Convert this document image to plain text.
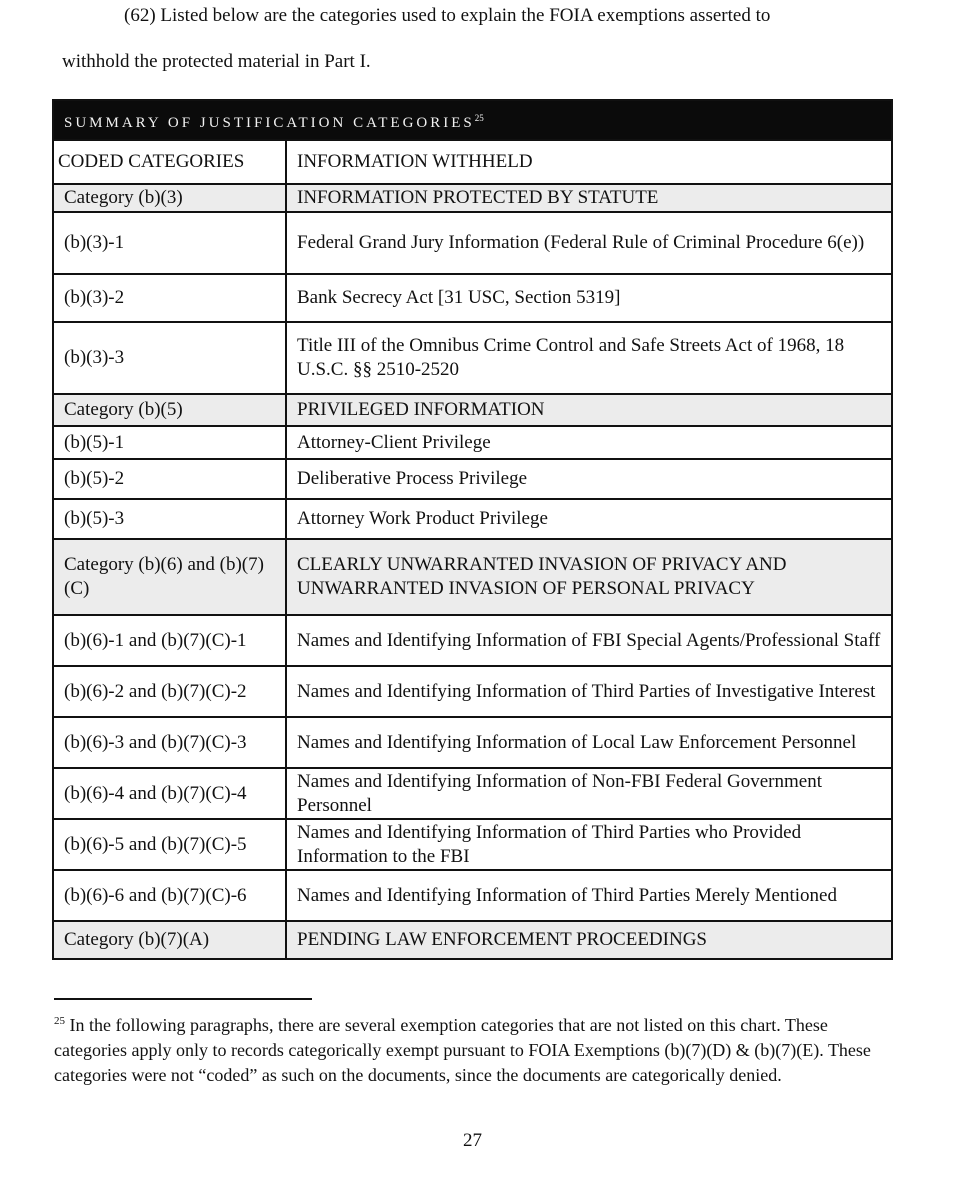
(62) Listed below are the categories used to explain the FOIA exemptions asserted to
withhold the protected material in Part I.
SUMMARY OF JUSTIFICATION CATEGORIES$^{25}$
CODED CATEGORIES	INFORMATION WITHHELD
Category (b)(3)	INFORMATION PROTECTED BY STATUTE
(b)(3)-1	Federal Grand Jury Information (Federal Rule of Criminal Procedure 6(e))
(b)(3)-2	Bank Secrecy Act [31 USC, Section 5319]
(b)(3)-3	Title III of the Omnibus Crime Control and Safe Streets Act of 1968, 18 U.S.C. §§ 2510-2520
Category (b)(5)	PRIVILEGED INFORMATION
(b)(5)-1	Attorney-Client Privilege
(b)(5)-2	Deliberative Process Privilege
(b)(5)-3	Attorney Work Product Privilege
Category (b)(6) and (b)(7)(C)	CLEARLY UNWARRANTED INVASION OF PRIVACY AND UNWARRANTED INVASION OF PERSONAL PRIVACY
(b)(6)-1 and (b)(7)(C)-1	Names and Identifying Information of FBI Special Agents/Professional Staff
(b)(6)-2 and (b)(7)(C)-2	Names and Identifying Information of Third Parties of Investigative Interest
(b)(6)-3 and (b)(7)(C)-3	Names and Identifying Information of Local Law Enforcement Personnel
(b)(6)-4 and (b)(7)(C)-4	Names and Identifying Information of Non-FBI Federal Government Personnel
(b)(6)-5 and (b)(7)(C)-5	Names and Identifying Information of Third Parties who Provided Information to the FBI
(b)(6)-6 and (b)(7)(C)-6	Names and Identifying Information of Third Parties Merely Mentioned
Category (b)(7)(A)	PENDING LAW ENFORCEMENT PROCEEDINGS
$^{25}$ In the following paragraphs, there are several exemption categories that are not listed on this chart. These categories apply only to records categorically exempt pursuant to FOIA Exemptions (b)(7)(D) & (b)(7)(E). These categories were not “coded” as such on the documents, since the documents are categorically denied.
27
